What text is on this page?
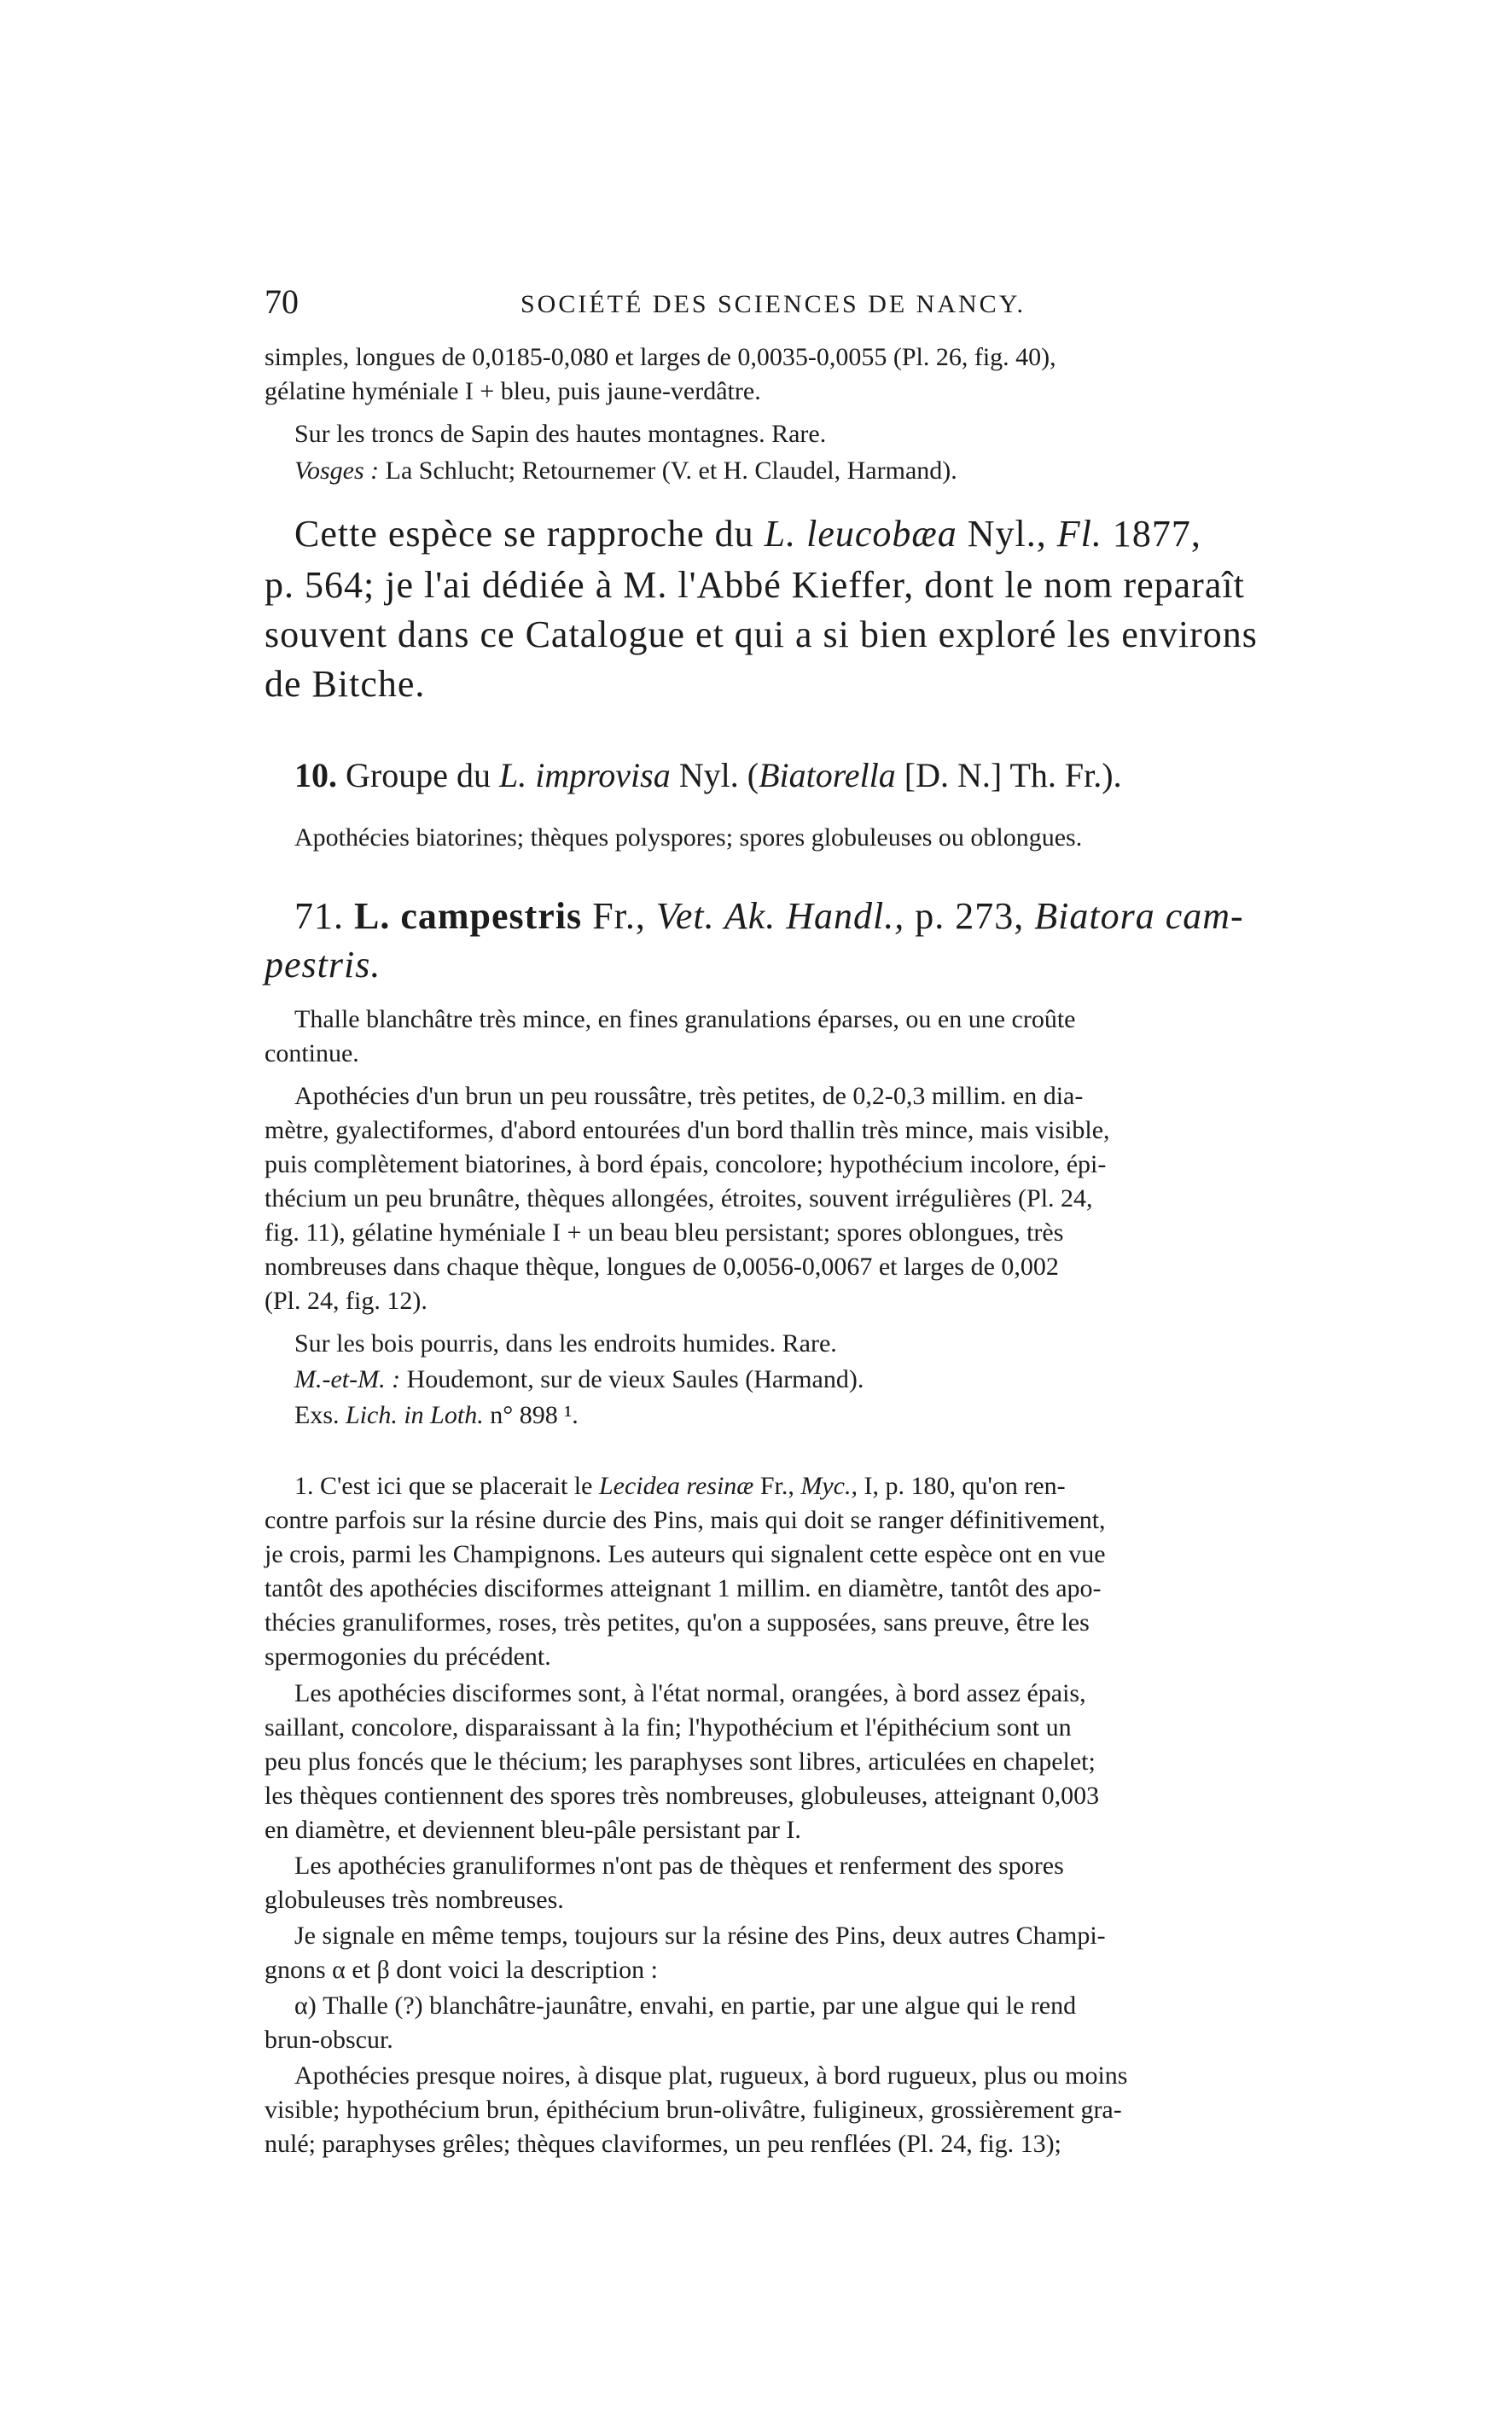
70	SOCIÉTÉ DES SCIENCES DE NANCY.
simples, longues de 0,0185-0,080 et larges de 0,0035-0,0055 (Pl. 26, fig. 40),
gélatine hyméniale I + bleu, puis jaune-verdâtre.
Sur les troncs de Sapin des hautes montagnes. Rare.
Vosges : La Schlucht; Retournemer (V. et H. Claudel, Harmand).
Cette espèce se rapproche du L. leucobæa Nyl., Fl. 1877,
p. 564; je l'ai dédiée à M. l'Abbé Kieffer, dont le nom reparaît
souvent dans ce Catalogue et qui a si bien exploré les environs
de Bitche.
10. Groupe du L. improvisa Nyl. (Biatorella [D. N.] Th. Fr.).
Apothécies biatorines; thèques polyspores; spores globuleuses ou oblongues.
71. L. campestris Fr., Vet. Ak. Handl., p. 273, Biatora cam-
pestris.
Thalle blanchâtre très mince, en fines granulations éparses, ou en une croûte
continue.
Apothécies d'un brun un peu roussâtre, très petites, de 0,2-0,3 millim. en dia-
mètre, gyalectiformes, d'abord entourées d'un bord thallin très mince, mais visible,
puis complètement biatorines, à bord épais, concolore; hypothécium incolore, épi-
thécium un peu brunâtre, thèques allongées, étroites, souvent irrégulières (Pl. 24,
fig. 11), gélatine hyméniale I + un beau bleu persistant; spores oblongues, très
nombreuses dans chaque thèque, longues de 0,0056-0,0067 et larges de 0,002
(Pl. 24, fig. 12).
Sur les bois pourris, dans les endroits humides. Rare.
M.-et-M. : Houdemont, sur de vieux Saules (Harmand).
Exs. Lich. in Loth. n° 898 ¹.
1. C'est ici que se placerait le Lecidea resinæ Fr., Myc., I, p. 180, qu'on ren-
contre parfois sur la résine durcie des Pins, mais qui doit se ranger définitivement,
je crois, parmi les Champignons. Les auteurs qui signalent cette espèce ont en vue
tantôt des apothécies disciformes atteignant 1 millim. en diamètre, tantôt des apo-
thécies granuliformes, roses, très petites, qu'on a supposées, sans preuve, être les
spermogonies du précédent.
Les apothécies disciformes sont, à l'état normal, orangées, à bord assez épais,
saillant, concolore, disparaissant à la fin; l'hypothécium et l'épithécium sont un
peu plus foncés que le thécium; les paraphyses sont libres, articulées en chapelet;
les thèques contiennent des spores très nombreuses, globuleuses, atteignant 0,003
en diamètre, et deviennent bleu-pâle persistant par I.
Les apothécies granuliformes n'ont pas de thèques et renferment des spores
globuleuses très nombreuses.
Je signale en même temps, toujours sur la résine des Pins, deux autres Champi-
gnons α et β dont voici la description :
α) Thalle (?) blanchâtre-jaunâtre, envahi, en partie, par une algue qui le rend
brun-obscur.
Apothécies presque noires, à disque plat, rugueux, à bord rugueux, plus ou moins
visible; hypothécium brun, épithécium brun-olivâtre, fuligineux, grossièrement gra-
nulé; paraphyses grêles; thèques claviformes, un peu renflées (Pl. 24, fig. 13);
